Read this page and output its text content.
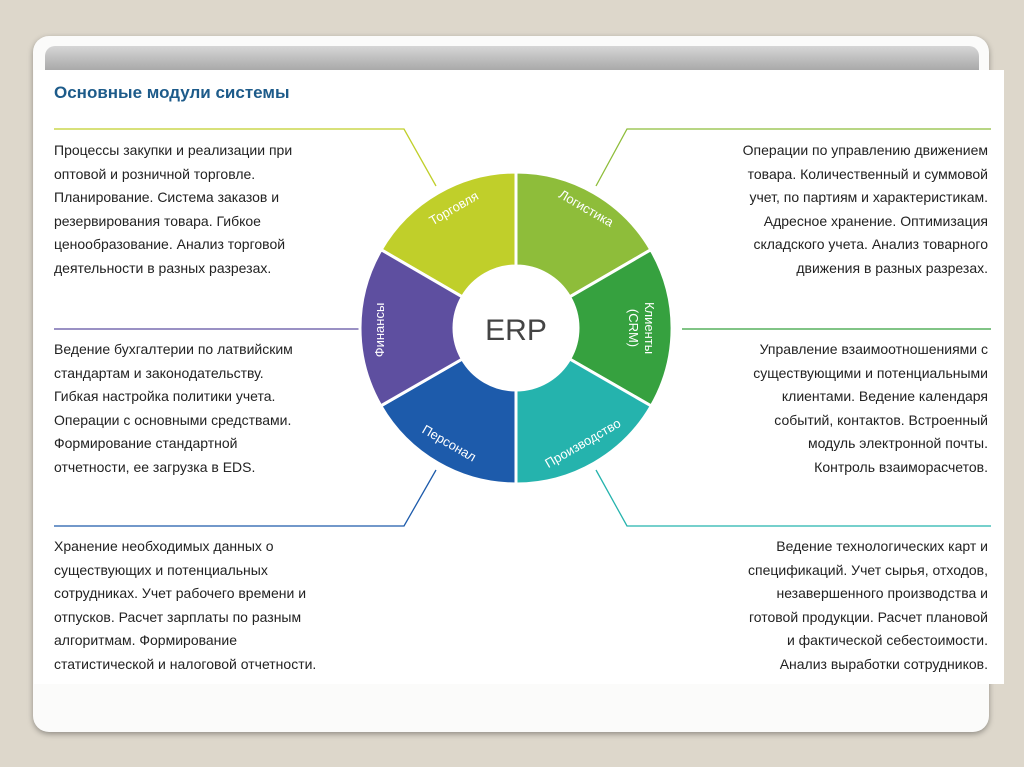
Основные модули системы
ERP
Торговля	Логистика
Клиенты
(CRM)
Производство
Персонал
Финансы
Процессы закупки и реализации при
оптовой и розничной торговле.
Планирование. Система заказов и
резервирования товара. Гибкое
ценообразование. Анализ торговой
деятельности в разных разрезах.
Операции по управлению движением
товара. Количественный и суммовой
учет, по партиям и характеристикам.
Адресное хранение. Оптимизация
складского учета. Анализ товарного
движения в разных разрезах.
Ведение бухгалтерии по латвийским
стандартам и законодательству.
Гибкая настройка политики учета.
Операции с основными средствами.
Формирование стандартной
отчетности, ее загрузка в EDS.
Управление взаимоотношениями с
существующими и потенциальными
клиентами. Ведение календаря
событий, контактов. Встроенный
модуль электронной почты.
Контроль взаиморасчетов.
Хранение необходимых данных о
существующих и потенциальных
сотрудниках. Учет рабочего времени и
отпусков. Расчет зарплаты по разным
алгоритмам. Формирование
статистической и налоговой отчетности.
Ведение технологических карт и
спецификаций. Учет сырья, отходов,
незавершенного производства и
готовой продукции. Расчет плановой
и фактической себестоимости.
Анализ выработки сотрудников.
